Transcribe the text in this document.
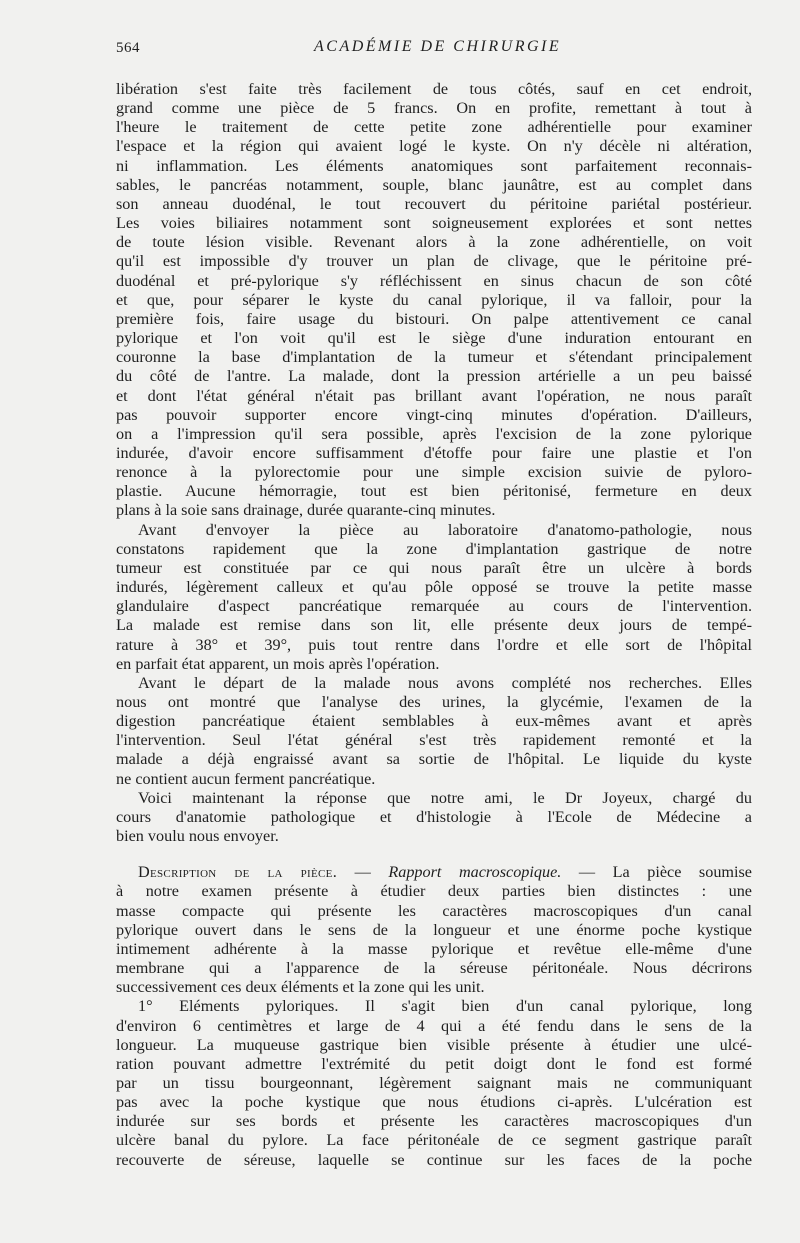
564	ACADÉMIE DE CHIRURGIE
libération s'est faite très facilement de tous côtés, sauf en cet endroit,
grand comme une pièce de 5 francs. On en profite, remettant à tout à
l'heure le traitement de cette petite zone adhérentielle pour examiner
l'espace et la région qui avaient logé le kyste. On n'y décèle ni altération,
ni inflammation. Les éléments anatomiques sont parfaitement reconnais-
sables, le pancréas notamment, souple, blanc jaunâtre, est au complet dans
son anneau duodénal, le tout recouvert du péritoine pariétal postérieur.
Les voies biliaires notamment sont soigneusement explorées et sont nettes
de toute lésion visible. Revenant alors à la zone adhérentielle, on voit
qu'il est impossible d'y trouver un plan de clivage, que le péritoine pré-
duodénal et pré-pylorique s'y réfléchissent en sinus chacun de son côté
et que, pour séparer le kyste du canal pylorique, il va falloir, pour la
première fois, faire usage du bistouri. On palpe attentivement ce canal
pylorique et l'on voit qu'il est le siège d'une induration entourant en
couronne la base d'implantation de la tumeur et s'étendant principalement
du côté de l'antre. La malade, dont la pression artérielle a un peu baissé
et dont l'état général n'était pas brillant avant l'opération, ne nous paraît
pas pouvoir supporter encore vingt-cinq minutes d'opération. D'ailleurs,
on a l'impression qu'il sera possible, après l'excision de la zone pylorique
indurée, d'avoir encore suffisamment d'étoffe pour faire une plastie et l'on
renonce à la pylorectomie pour une simple excision suivie de pyloro-
plastie. Aucune hémorragie, tout est bien péritonisé, fermeture en deux
plans à la soie sans drainage, durée quarante-cinq minutes.
Avant d'envoyer la pièce au laboratoire d'anatomo-pathologie, nous
constatons rapidement que la zone d'implantation gastrique de notre
tumeur est constituée par ce qui nous paraît être un ulcère à bords
indurés, légèrement calleux et qu'au pôle opposé se trouve la petite masse
glandulaire d'aspect pancréatique remarquée au cours de l'intervention.
La malade est remise dans son lit, elle présente deux jours de tempé-
rature à 38° et 39°, puis tout rentre dans l'ordre et elle sort de l'hôpital
en parfait état apparent, un mois après l'opération.
Avant le départ de la malade nous avons complété nos recherches. Elles
nous ont montré que l'analyse des urines, la glycémie, l'examen de la
digestion pancréatique étaient semblables à eux-mêmes avant et après
l'intervention. Seul l'état général s'est très rapidement remonté et la
malade a déjà engraissé avant sa sortie de l'hôpital. Le liquide du kyste
ne contient aucun ferment pancréatique.
Voici maintenant la réponse que notre ami, le Dr Joyeux, chargé du
cours d'anatomie pathologique et d'histologie à l'Ecole de Médecine a
bien voulu nous envoyer.
Description de la pièce. — Rapport macroscopique. — La pièce soumise
à notre examen présente à étudier deux parties bien distinctes : une
masse compacte qui présente les caractères macroscopiques d'un canal
pylorique ouvert dans le sens de la longueur et une énorme poche kystique
intimement adhérente à la masse pylorique et revêtue elle-même d'une
membrane qui a l'apparence de la séreuse péritonéale. Nous décrirons
successivement ces deux éléments et la zone qui les unit.
1° Eléments pyloriques. Il s'agit bien d'un canal pylorique, long
d'environ 6 centimètres et large de 4 qui a été fendu dans le sens de la
longueur. La muqueuse gastrique bien visible présente à étudier une ulcé-
ration pouvant admettre l'extrémité du petit doigt dont le fond est formé
par un tissu bourgeonnant, légèrement saignant mais ne communiquant
pas avec la poche kystique que nous étudions ci-après. L'ulcération est
indurée sur ses bords et présente les caractères macroscopiques d'un
ulcère banal du pylore. La face péritonéale de ce segment gastrique paraît
recouverte de séreuse, laquelle se continue sur les faces de la poche
